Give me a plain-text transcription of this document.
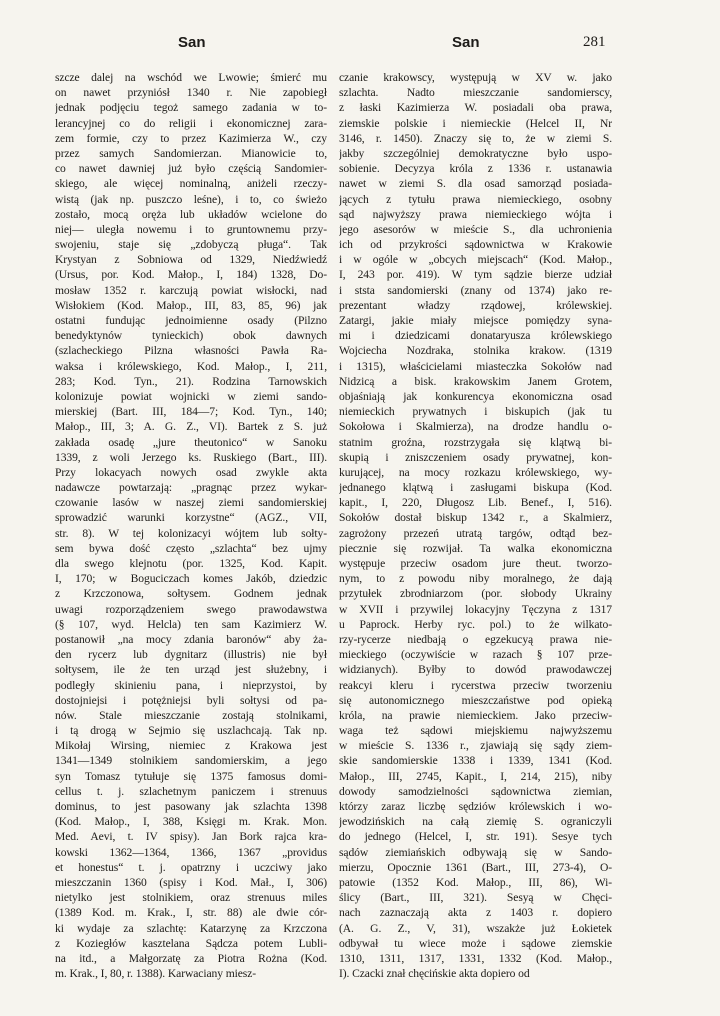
San	San	281
szcze dalej na wschód we Lwowie; śmierć mu
on nawet przyniósł 1340 r. Nie zapobiegł
jednak podjęciu tegoż samego zadania w to-
lerancyjnej co do religii i ekonomicznej zara-
zem formie, czy to przez Kazimierza W., czy
przez samych Sandomierzan. Mianowicie to,
co nawet dawniej już było częścią Sandomier-
skiego, ale więcej nominalną, aniżeli rzeczy-
wistą (jak np. puszczo leśne), i to, co świeżo
zostało, mocą oręża lub układów wcielone do
niej— uległa nowemu i to gruntownemu przy-
swojeniu, staje się „zdobyczą pługa“. Tak
Krystyan z Sobniowa od 1329, Niedźwiedź
(Ursus, por. Kod. Małop., I, 184) 1328, Do-
mosław 1352 r. karczują powiat wisłocki, nad
Wisłokiem (Kod. Małop., III, 83, 85, 96) jak
ostatni fundując jednoimienne osady (Pilzno
benedyktynów tynieckich) obok dawnych
(szlacheckiego Pilzna własności Pawła Ra-
waksa i królewskiego, Kod. Małop., I, 211,
283; Kod. Tyn., 21). Rodzina Tarnowskich
kolonizuje powiat wojnicki w ziemi sando-
mierskiej (Bart. III, 184—7; Kod. Tyn., 140;
Małop., III, 3; A. G. Z., VI). Bartek z S. już
zakłada osadę „jure theutonico“ w Sanoku
1339, z woli Jerzego ks. Ruskiego (Bart., III).
Przy lokacyach nowych osad zwykle akta
nadawcze powtarzają: „pragnąc przez wykar-
czowanie lasów w naszej ziemi sandomierskiej
sprowadzić warunki korzystne“ (AGZ., VII,
str. 8). W tej kolonizacyi wójtem lub sołty-
sem bywa dość często „szlachta“ bez ujmy
dla swego klejnotu (por. 1325, Kod. Kapit.
I, 170; w Boguciczach komes Jakób, dziedzic
z Krzczonowa, sołtysem. Godnem jednak
uwagi rozporządzeniem swego prawodawstwa
(§ 107, wyd. Helcla) ten sam Kazimierz W.
postanowił „na mocy zdania baronów“ aby ża-
den rycerz lub dygnitarz (illustris) nie był
sołtysem, ile że ten urząd jest służebny, i
podległy skinieniu pana, i nieprzystoi, by
dostojniejsi i potężniejsi byli sołtysi od pa-
nów. Stale mieszczanie zostają stolnikami,
i tą drogą w Sejmio się uszlachcają. Tak np.
Mikołaj Wirsing, niemiec z Krakowa jest
1341—1349 stolnikiem sandomierskim, a jego
syn Tomasz tytułuje się 1375 famosus domi-
cellus t. j. szlachetnym paniczem i strenuus
dominus, to jest pasowany jak szlachta 1398
(Kod. Małop., I, 388, Księgi m. Krak. Mon.
Med. Aevi, t. IV spisy). Jan Bork rajca kra-
kowski 1362—1364, 1366, 1367 „providus
et honestus“ t. j. opatrzny i uczciwy jako
mieszczanin 1360 (spisy i Kod. Mał., I, 306)
nietylko jest stolnikiem, oraz strenuus miles
(1389 Kod. m. Krak., I, str. 88) ale dwie cór-
ki wydaje za szlachtę: Katarzynę za Krzczona
z Koziegłów kasztelana Sądcza potem Lubli-
na itd., a Małgorzatę za Piotra Rożna (Kod.
m. Krak., I, 80, r. 1388). Karwaciany miesz-
czanie krakowscy, występują w XV w. jako
szlachta. Nadto mieszczanie sandomierscy,
z łaski Kazimierza W. posiadali oba prawa,
ziemskie polskie i niemieckie (Helcel II, Nr
3146, r. 1450). Znaczy się to, że w ziemi S.
jakby szczególniej demokratyczne było uspo-
sobienie. Decyzya króla z 1336 r. ustanawia
nawet w ziemi S. dla osad samorząd posiada-
jących z tytułu prawa niemieckiego, osobny
sąd najwyższy prawa niemieckiego wójta i
jego asesorów w mieście S., dla uchronienia
ich od przykrości sądownictwa w Krakowie
i w ogóle w „obcych miejscach“ (Kod. Małop.,
I, 243 por. 419). W tym sądzie bierze udział
i ststa sandomierski (znany od 1374) jako re-
prezentant władzy rządowej, królewskiej.
Zatargi, jakie miały miejsce pomiędzy syna-
mi i dziedzicami donataryusza królewskiego
Wojciecha Nozdraka, stolnika krakow. (1319
i 1315), właścicielami miasteczka Sokołów nad
Nidzicą a bisk. krakowskim Janem Grotem,
objaśniają jak konkurencya ekonomiczna osad
niemieckich prywatnych i biskupich (jak tu
Sokołowa i Skalmierza), na drodze handlu o-
statnim groźna, rozstrzygała się klątwą bi-
skupią i zniszczeniem osady prywatnej, kon-
kurującej, na mocy rozkazu królewskiego, wy-
jednanego klątwą i zasługami biskupa (Kod.
kapit., I, 220, Długosz Lib. Benef., I, 516).
Sokołów dostał biskup 1342 r., a Skalmierz,
zagrożony przezeń utratą targów, odtąd bez-
piecznie się rozwijał. Ta walka ekonomiczna
występuje przeciw osadom jure theut. tworzo-
nym, to z powodu niby moralnego, że dają
przytułek zbrodniarzom (por. słobody Ukrainy
w XVII i przywilej lokacyjny Tęczyna z 1317
u Paprock. Herby ryc. pol.) to że wilkato-
rzy-rycerze niedbają o egzekucyą prawa nie-
mieckiego (oczywiście w razach § 107 prze-
widzianych). Byłby to dowód prawodawczej
reakcyi kleru i rycerstwa przeciw tworzeniu
się autonomicznego mieszczaństwe pod opieką
króla, na prawie niemieckiem. Jako przeciw-
waga też sądowi miejskiemu najwyższemu
w mieście S. 1336 r., zjawiają się sądy ziem-
skie sandomierskie 1338 i 1339, 1341 (Kod.
Małop., III, 2745, Kapit., I, 214, 215), niby
dowody samodzielności sądownictwa ziemian,
którzy zaraz liczbę sędziów królewskich i wo-
jewodzińskich na całą ziemię S. ograniczyli
do jednego (Helcel, I, str. 191). Sesye tych
sądów ziemiańskich odbywają się w Sando-
mierzu, Opocznie 1361 (Bart., III, 273-4), O-
patowie (1352 Kod. Małop., III, 86), Wi-
ślicy (Bart., III, 321). Sesyą w Chęci-
nach zaznaczają akta z 1403 r. dopiero
(A. G. Z., V, 31), wszakże już Łokietek
odbywał tu wiece może i sądowe ziemskie
1310, 1311, 1317, 1331, 1332 (Kod. Małop.,
I). Czacki znał chęcińskie akta dopiero od
